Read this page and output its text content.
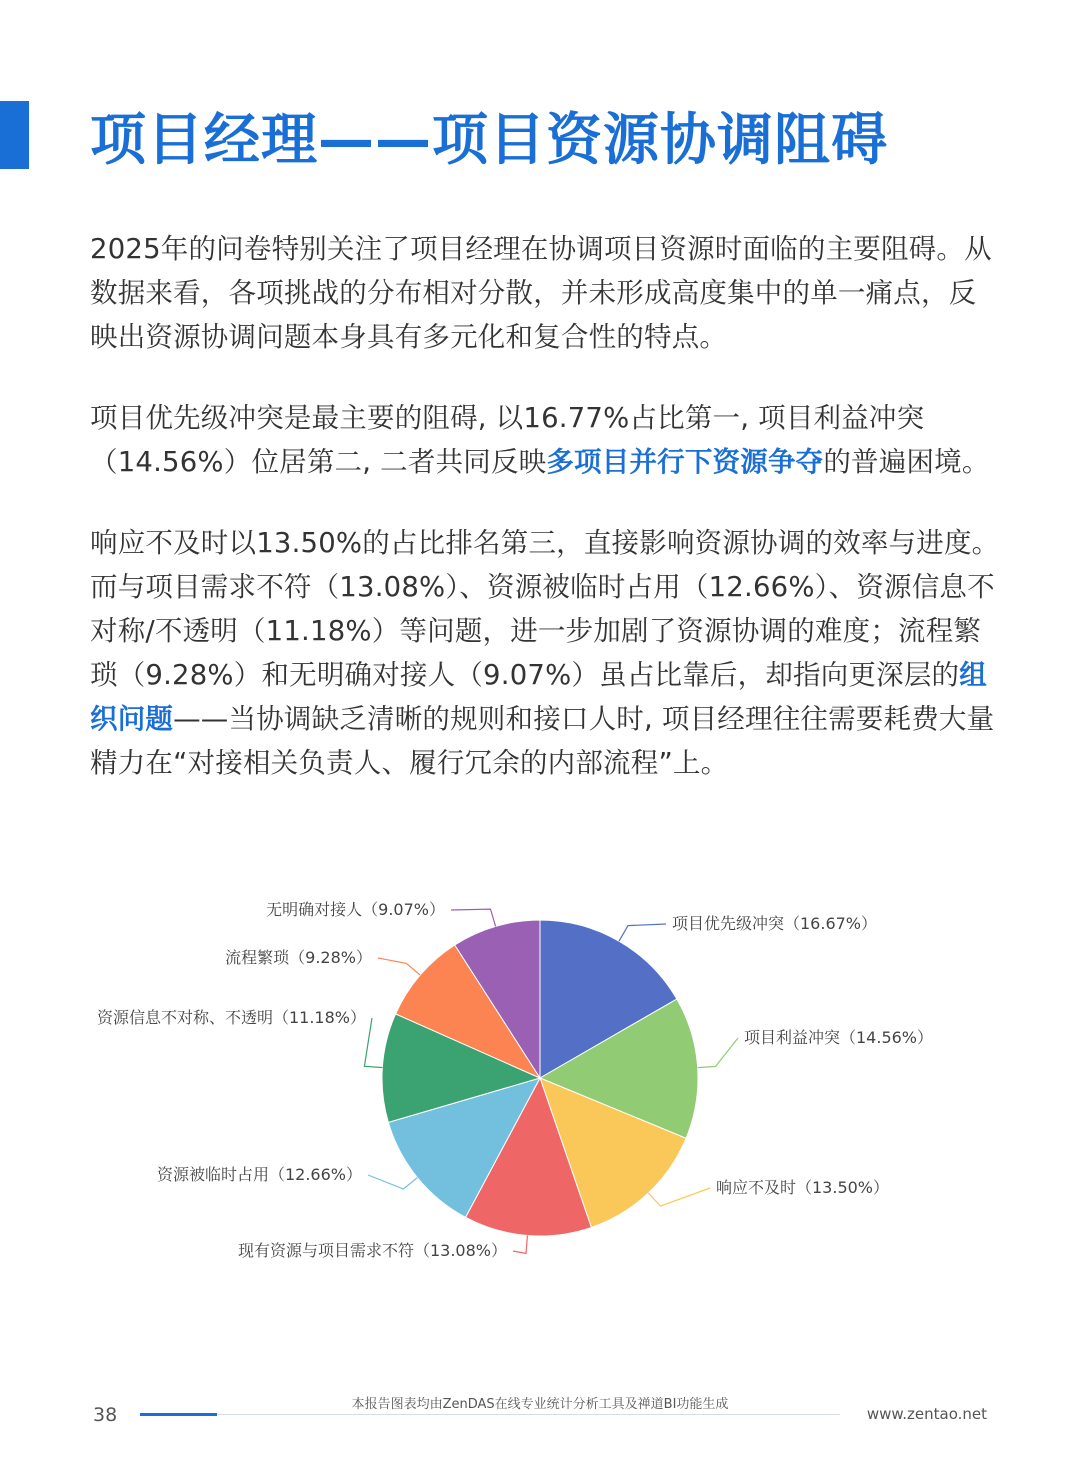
项目经理——项目资源协调阻碍

2025年的问卷特别关注了项目经理在协调项目资源时面临的主要阻碍。从数据来看，各项挑战的分布相对分散，并未形成高度集中的单一痛点，反映出资源协调问题本身具有多元化和复合性的特点。

项目优先级冲突是最主要的阻碍, 以16.77%占比第一, 项目利益冲突（14.56%）位居第二, 二者共同反映多项目并行下资源争夺的普遍困境。

响应不及时以13.50%的占比排名第三，直接影响资源协调的效率与进度。而与项目需求不符（13.08%）、资源被临时占用（12.66%）、资源信息不对称/不透明（11.18%）等问题，进一步加剧了资源协调的难度；流程繁琐（9.28%）和无明确对接人（9.07%）虽占比靠后，却指向更深层的组织问题——当协调缺乏清晰的规则和接口人时, 项目经理往往需要耗费大量精力在“对接相关负责人、履行冗余的内部流程”上。

项目优先级冲突（16.67%）
项目利益冲突（14.56%）
响应不及时（13.50%）
现有资源与项目需求不符（13.08%）
资源被临时占用（12.66%）
资源信息不对称、不透明（11.18%）
流程繁琐（9.28%）
无明确对接人（9.07%）
本报告图表均由ZenDAS在线专业统计分析工具及禅道BI功能生成
38	www.zentao.net
